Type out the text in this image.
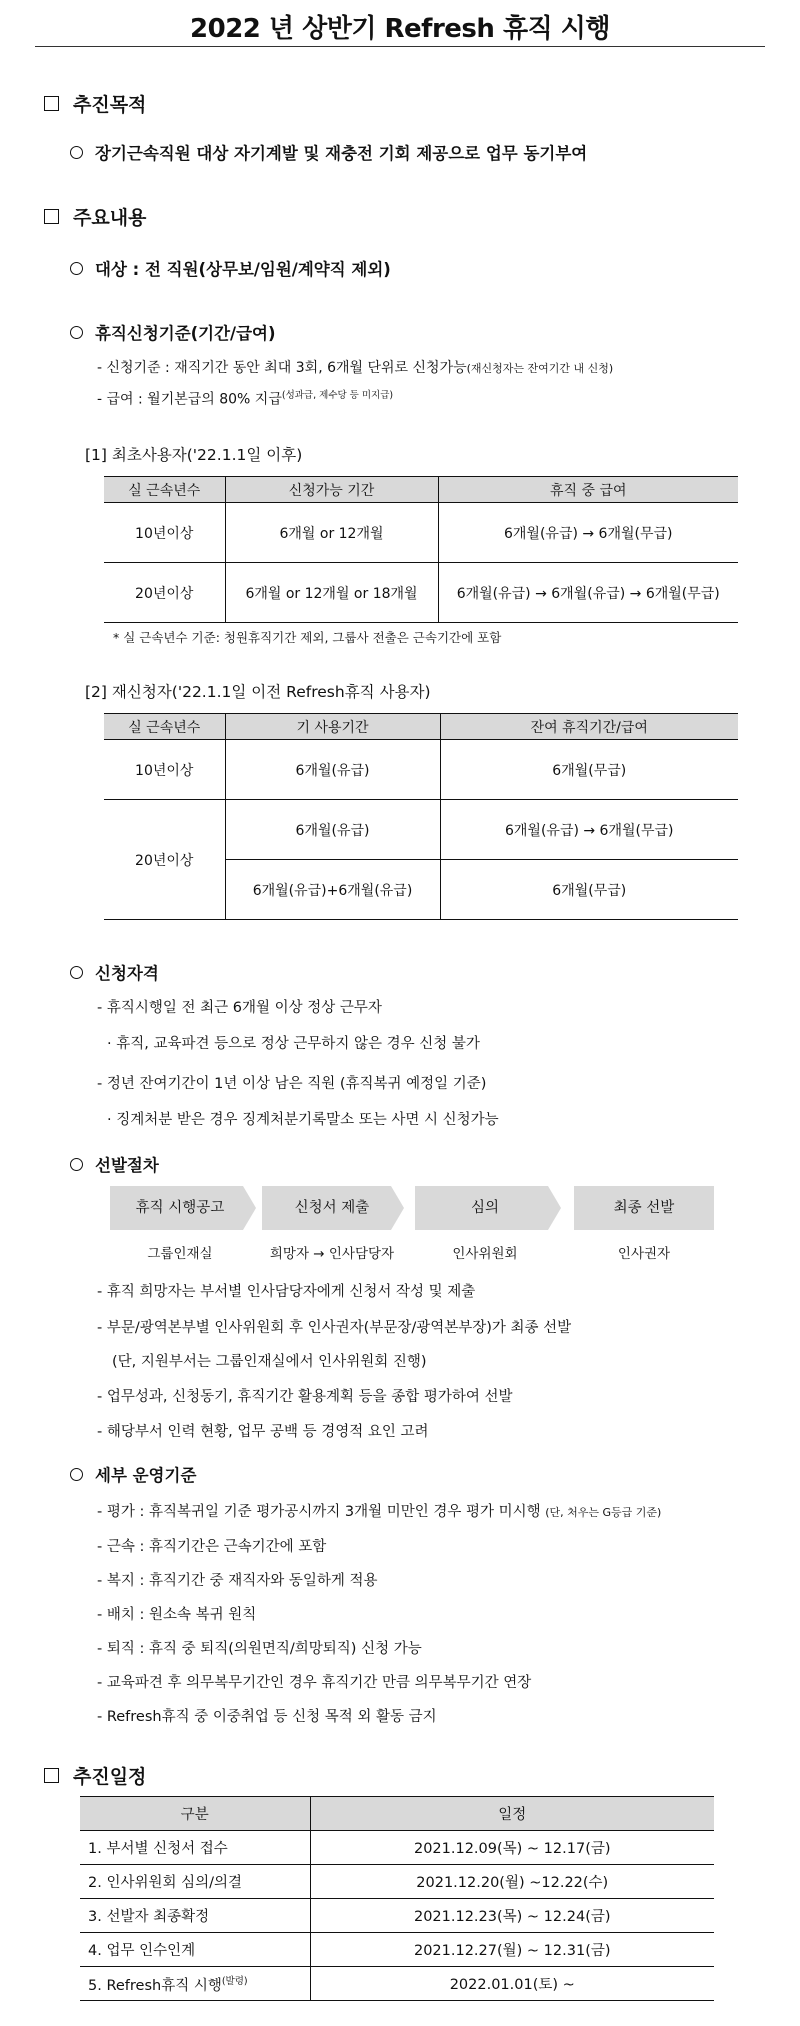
2022 년 상반기 Refresh 휴직 시행
추진목적
장기근속직원 대상 자기계발 및 재충전 기회 제공으로 업무 동기부여
주요내용
대상 : 전 직원(상무보/임원/계약직 제외)
휴직신청기준(기간/급여)
- 신청기준 : 재직기간 동안 최대 3회, 6개월 단위로 신청가능(재신청자는 잔여기간 내 신청)
- 급여 : 월기본급의 80% 지급$^{(성과급, 제수당 등 미지급)}$
[1] 최초사용자('22.1.1일 이후)
실 근속년수	신청가능 기간	휴직 중 급여
10년이상	6개월 or 12개월	6개월(유급) → 6개월(무급)
20년이상	6개월 or 12개월 or 18개월	6개월(유급) → 6개월(유급) → 6개월(무급)
* 실 근속년수 기준: 청원휴직기간 제외, 그룹사 전출은 근속기간에 포함
[2] 재신청자('22.1.1일 이전 Refresh휴직 사용자)
실 근속년수	기 사용기간	잔여 휴직기간/급여
10년이상	6개월(유급)	6개월(무급)
20년이상	6개월(유급)	6개월(유급) → 6개월(무급)
	6개월(유급)+6개월(유급)	6개월(무급)
신청자격
- 휴직시행일 전 최근 6개월 이상 정상 근무자
· 휴직, 교육파견 등으로 정상 근무하지 않은 경우 신청 불가
- 정년 잔여기간이 1년 이상 남은 직원 (휴직복귀 예정일 기준)
· 징계처분 받은 경우 징계처분기록말소 또는 사면 시 신청가능
선발절차
휴직 시행공고	신청서 제출	심의	최종 선발
그룹인재실	희망자 → 인사담당자	인사위원회	인사권자
- 휴직 희망자는 부서별 인사담당자에게 신청서 작성 및 제출
- 부문/광역본부별 인사위원회 후 인사권자(부문장/광역본부장)가 최종 선발
(단, 지원부서는 그룹인재실에서 인사위원회 진행)
- 업무성과, 신청동기, 휴직기간 활용계획 등을 종합 평가하여 선발
- 해당부서 인력 현황, 업무 공백 등 경영적 요인 고려
세부 운영기준
- 평가 : 휴직복귀일 기준 평가공시까지 3개월 미만인 경우 평가 미시행 (단, 처우는 G등급 기준)
- 근속 : 휴직기간은 근속기간에 포함
- 복지 : 휴직기간 중 재직자와 동일하게 적용
- 배치 : 원소속 복귀 원칙
- 퇴직 : 휴직 중 퇴직(의원면직/희망퇴직) 신청 가능
- 교육파견 후 의무복무기간인 경우 휴직기간 만큼 의무복무기간 연장
- Refresh휴직 중 이중취업 등 신청 목적 외 활동 금지
추진일정
구분	일정
1. 부서별 신청서 접수	2021.12.09(목) ~ 12.17(금)
2. 인사위원회 심의/의결	2021.12.20(월) ~12.22(수)
3. 선발자 최종확정	2021.12.23(목) ~ 12.24(금)
4. 업무 인수인계	2021.12.27(월) ~ 12.31(금)
5. Refresh휴직 시행$^{(발령)}$	2022.01.01(토) ~
